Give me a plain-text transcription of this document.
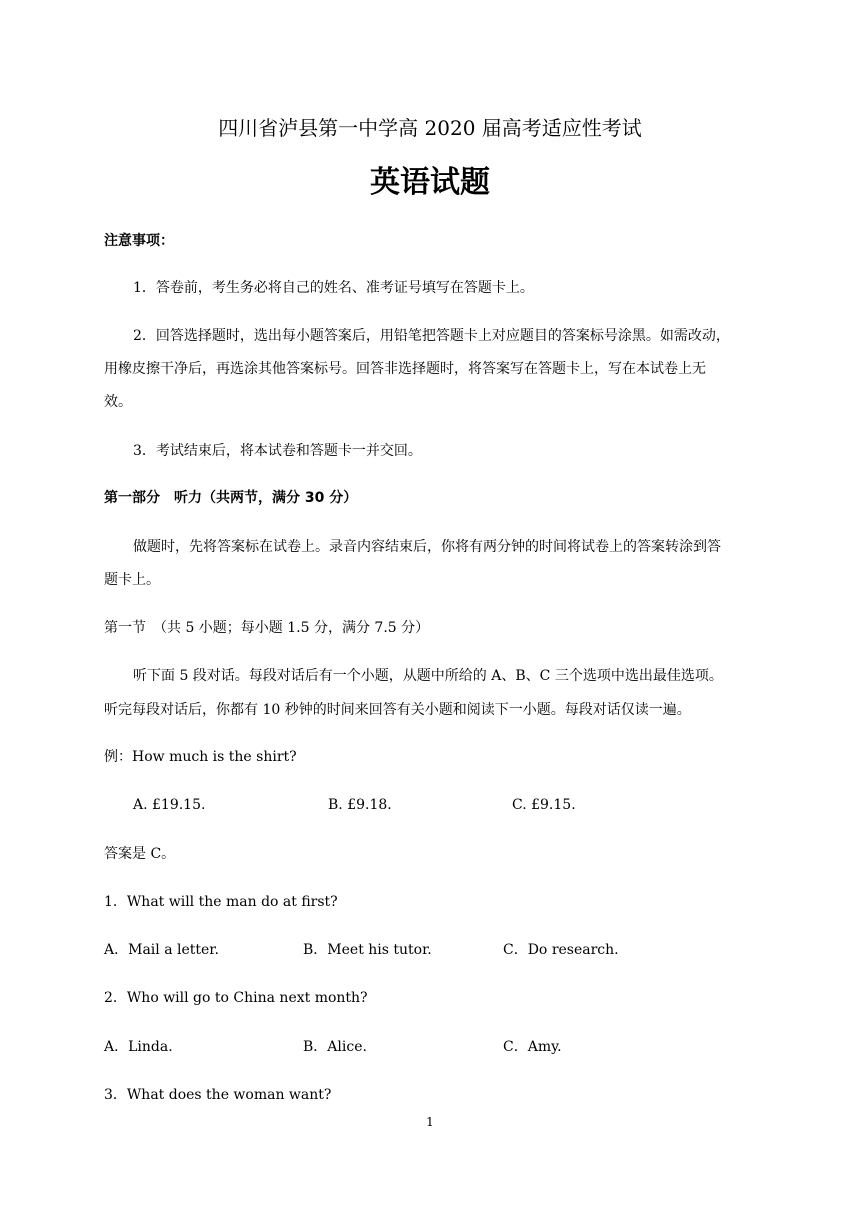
四川省泸县第一中学高 2020 届高考适应性考试
英语试题
注意事项：
1．答卷前，考生务必将自己的姓名、准考证号填写在答题卡上。
2．回答选择题时，选出每小题答案后，用铅笔把答题卡上对应题目的答案标号涂黑。如需改动，
用橡皮擦干净后，再选涂其他答案标号。回答非选择题时，将答案写在答题卡上，写在本试卷上无
效。
3．考试结束后，将本试卷和答题卡一并交回。
第一部分　听力（共两节，满分 30 分）
做题时，先将答案标在试卷上。录音内容结束后，你将有两分钟的时间将试卷上的答案转涂到答
题卡上。
第一节　（共 5 小题；每小题 1.5 分，满分 7.5 分）
听下面 5 段对话。每段对话后有一个小题，从题中所给的 A、B、C 三个选项中选出最佳选项。
听完每段对话后，你都有 10 秒钟的时间来回答有关小题和阅读下一小题。每段对话仅读一遍。
例：How much is the shirt?
A. £19.15.	B. £9.18.	C. £9.15.
答案是 C。
1．What will the man do at first?
A．Mail a letter.	B．Meet his tutor.	C．Do research.
2．Who will go to China next month?
A．Linda.	B．Alice.	C．Amy.
3．What does the woman want?
1
